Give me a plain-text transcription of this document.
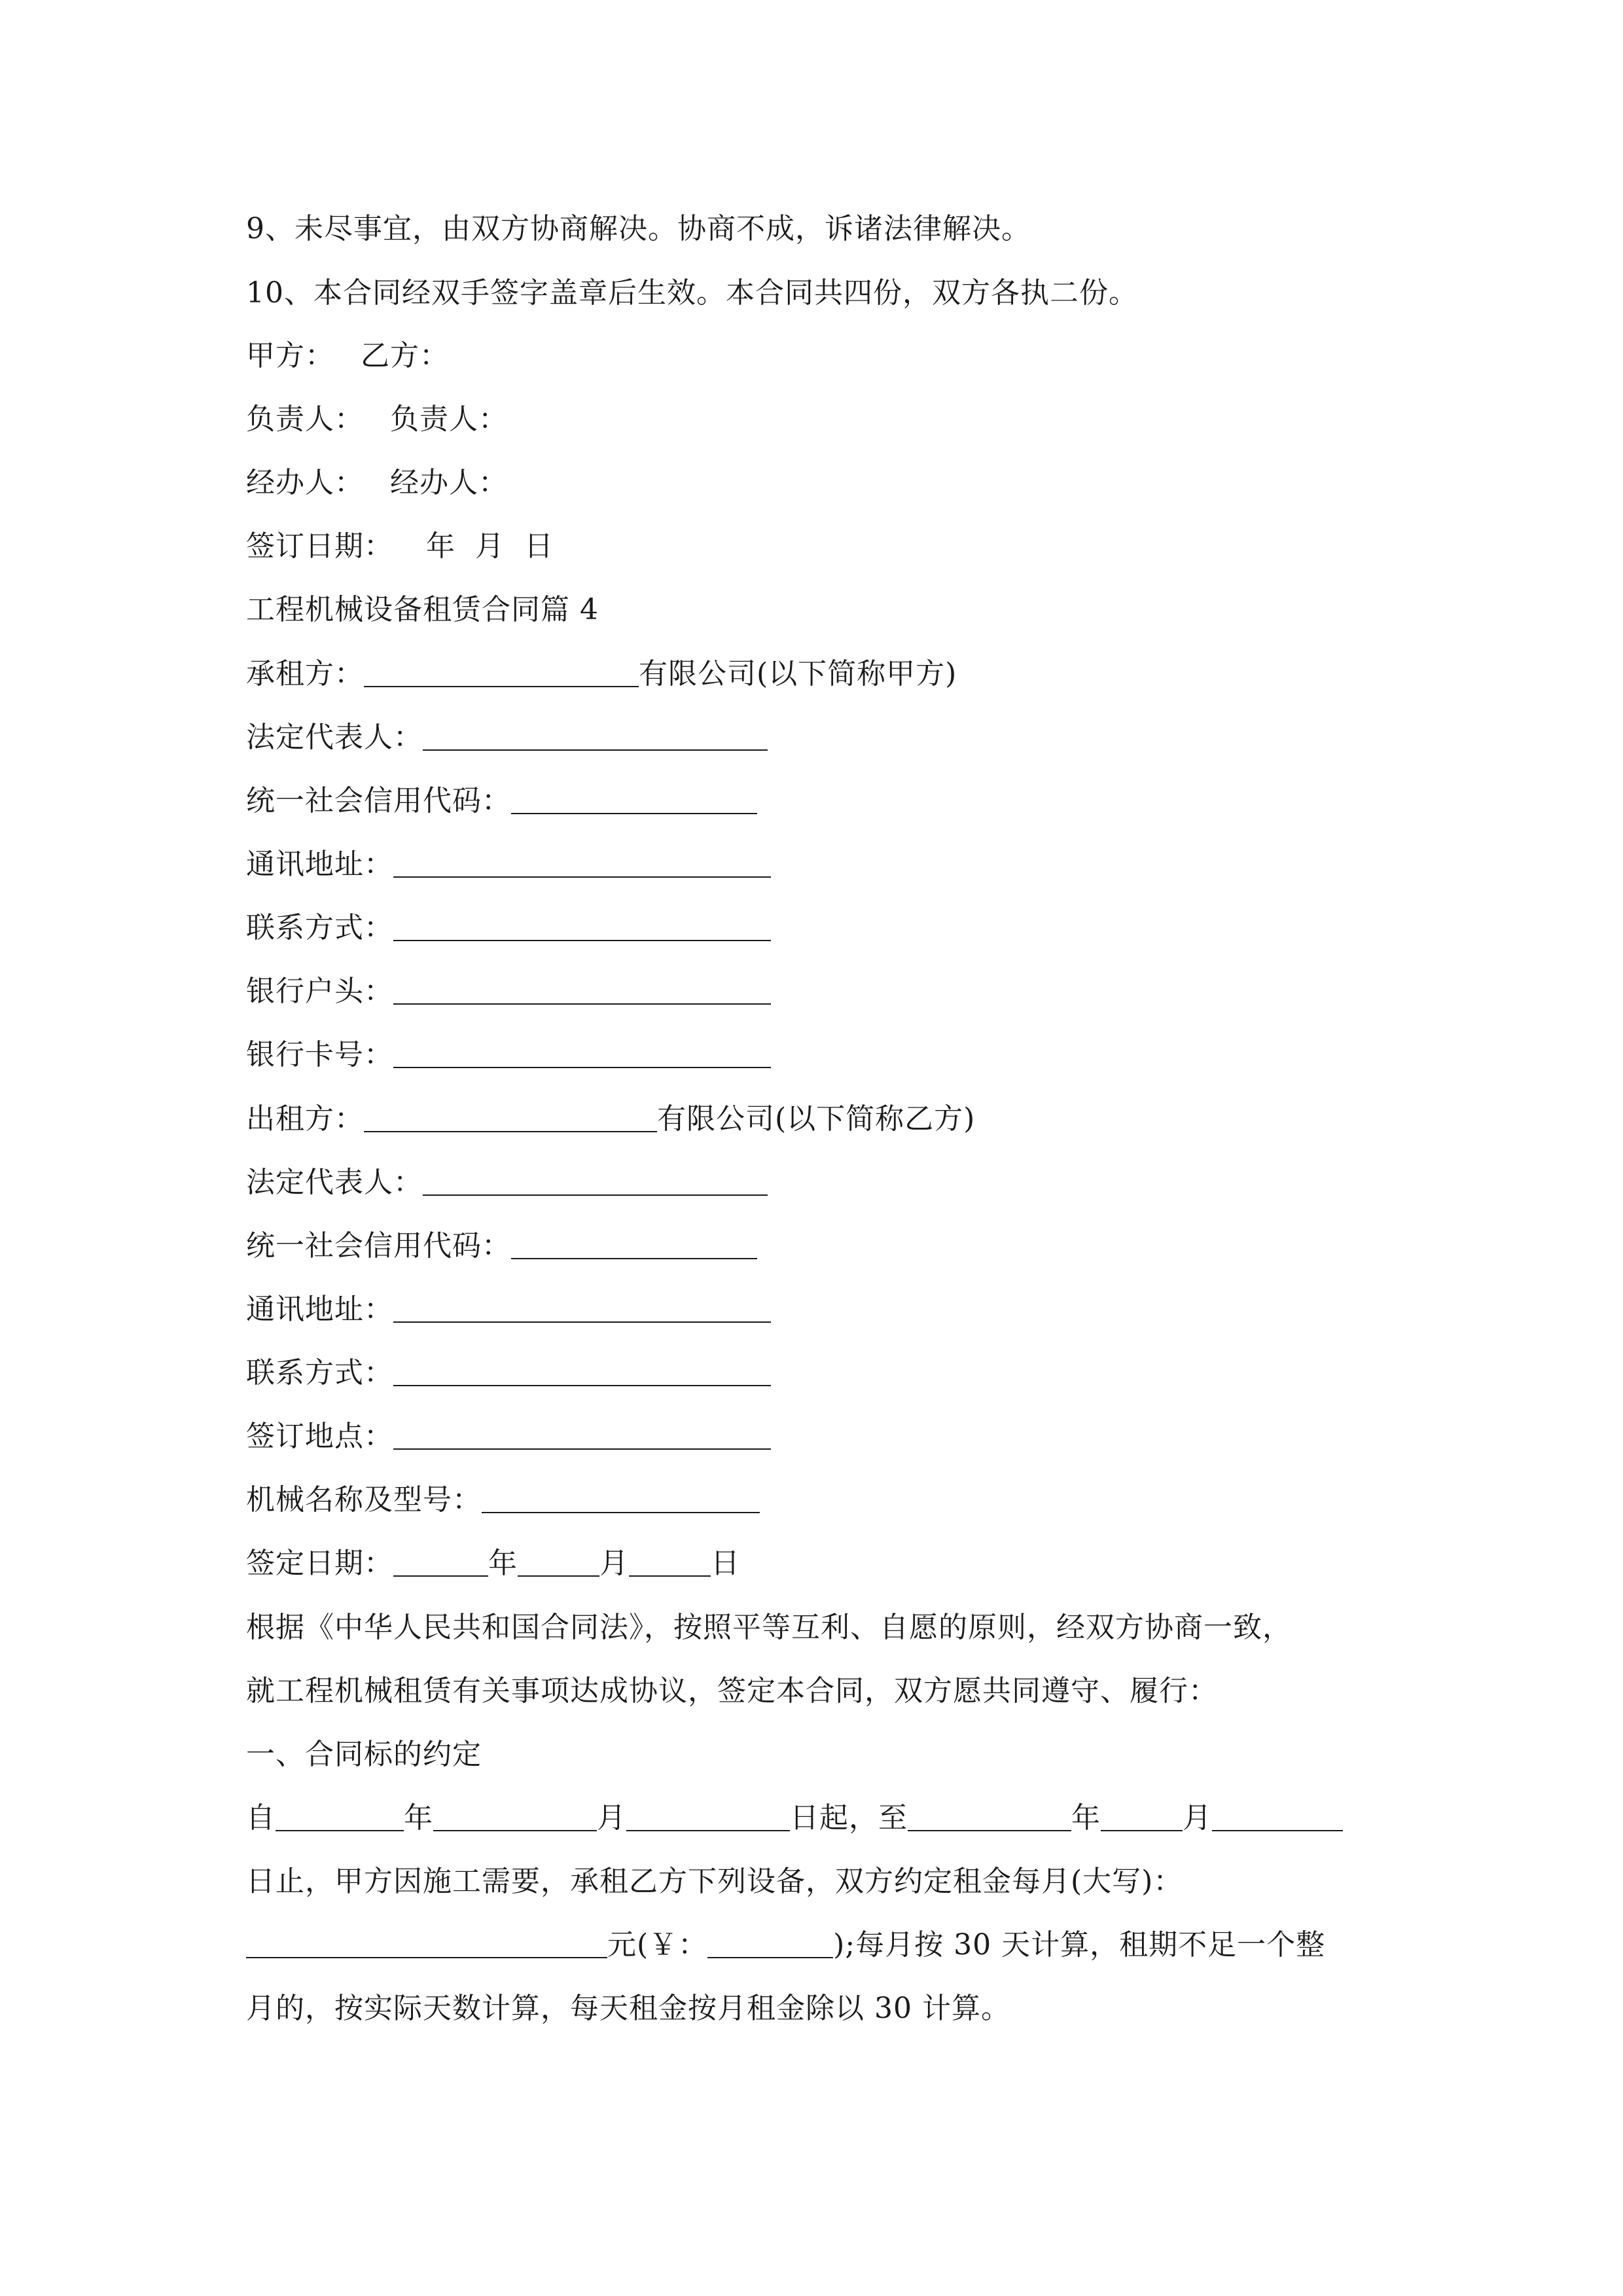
9、未尽事宜，由双方协商解决。协商不成，诉诸法律解决。
10、本合同经双手签字盖章后生效。本合同共四份，双方各执二份。
甲方： 乙方：
负责人： 负责人：
经办人： 经办人：
签订日期： 年 月 日
工程机械设备租赁合同篇 4
承租方：	有限公司(以下简称甲方)
法定代表人：
统一社会信用代码：
通讯地址：
联系方式：
银行户头：
银行卡号：
出租方：	有限公司(以下简称乙方)
法定代表人：
统一社会信用代码：
通讯地址：
联系方式：
签订地点：
机械名称及型号：
签定日期：	年	月	日
根据《中华人民共和国合同法》，按照平等互利、自愿的原则，经双方协商一致，
就工程机械租赁有关事项达成协议，签定本合同，双方愿共同遵守、履行：
一、合同标的约定
自	年	月	日起，至	年	月
日止，甲方因施工需要，承租乙方下列设备，双方约定租金每月(大写)：
元(￥：	);每月按 30 天计算，租期不足一个整
月的，按实际天数计算，每天租金按月租金除以 30 计算。
